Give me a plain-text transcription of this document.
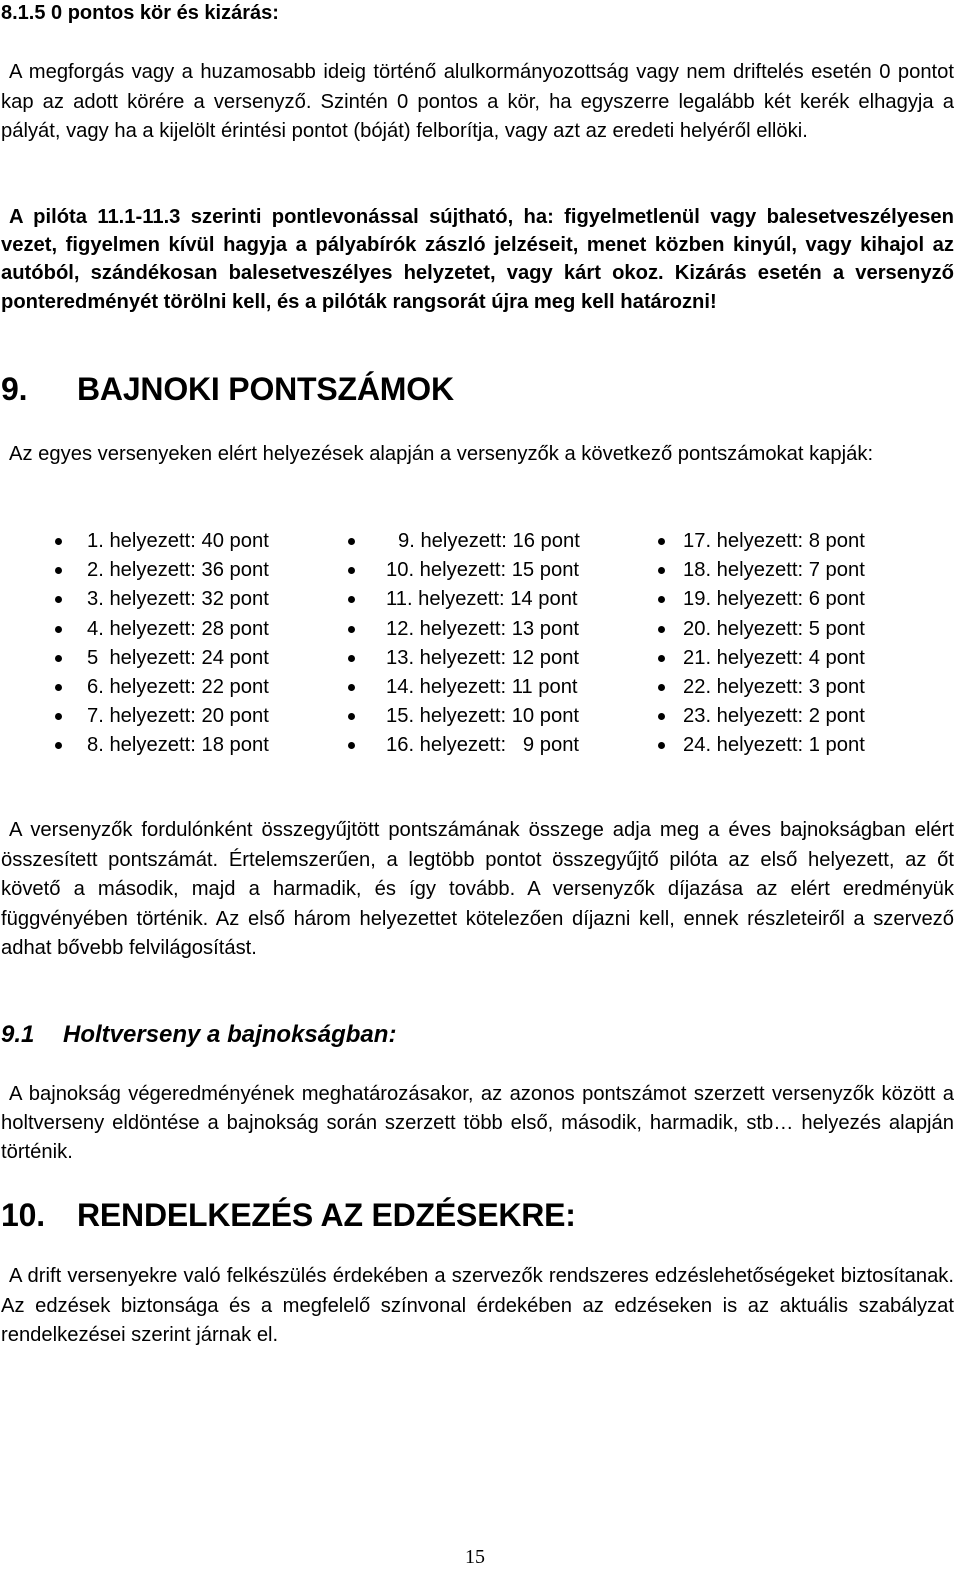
8.1.5 0 pontos kör és kizárás:

A megforgás vagy a huzamosabb ideig történő alulkormányozottság vagy nem driftelés esetén 0 pontot kap az adott körére a versenyző. Szintén 0 pontos a kör, ha egyszerre legalább két kerék elhagyja a pályát, vagy ha a kijelölt érintési pontot (bóját) felborítja, vagy azt az eredeti helyéről ellöki.

A pilóta 11.1-11.3 szerinti pontlevonással sújtható, ha: figyelmetlenül vagy balesetveszélyesen vezet, figyelmen kívül hagyja a pályabírók zászló jelzéseit, menet közben kinyúl, vagy kihajol az autóból, szándékosan balesetveszélyes helyzetet, vagy kárt okoz. Kizárás esetén a versenyző ponteredményét törölni kell, és a pilóták rangsorát újra meg kell határozni!

9. BAJNOKI PONTSZÁMOK

Az egyes versenyeken elért helyezések alapján a versenyzők a következő pontszámokat kapják:

1. helyezett: 40 pont
2. helyezett: 36 pont
3. helyezett: 32 pont
4. helyezett: 28 pont
5  helyezett: 24 pont
6. helyezett: 22 pont
7. helyezett: 20 pont
8. helyezett: 18 pont
9. helyezett: 16 pont
10. helyezett: 15 pont
11. helyezett: 14 pont
12. helyezett: 13 pont
13. helyezett: 12 pont
14. helyezett: 11 pont
15. helyezett: 10 pont
16. helyezett:   9 pont
17. helyezett: 8 pont
18. helyezett: 7 pont
19. helyezett: 6 pont
20. helyezett: 5 pont
21. helyezett: 4 pont
22. helyezett: 3 pont
23. helyezett: 2 pont
24. helyezett: 1 pont

A versenyzők fordulónként összegyűjtött pontszámának összege adja meg a éves bajnokságban elért összesített pontszámát. Értelemszerűen, a legtöbb pontot összegyűjtő pilóta az első helyezett, az őt követő a második, majd a harmadik, és így tovább. A versenyzők díjazása az elért eredményük függvényében történik. Az első három helyezettet kötelezően díjazni kell, ennek részleteiről a szervező adhat bővebb felvilágosítást.

9.1 Holtverseny a bajnokságban:

A bajnokság végeredményének meghatározásakor, az azonos pontszámot szerzett versenyzők között a holtverseny eldöntése a bajnokság során szerzett több első, második, harmadik, stb… helyezés alapján történik.

10. RENDELKEZÉS AZ EDZÉSEKRE:

A drift versenyekre való felkészülés érdekében a szervezők rendszeres edzéslehetőségeket biztosítanak. Az edzések biztonsága és a megfelelő színvonal érdekében az edzéseken is az aktuális szabályzat rendelkezései szerint járnak el.

15
